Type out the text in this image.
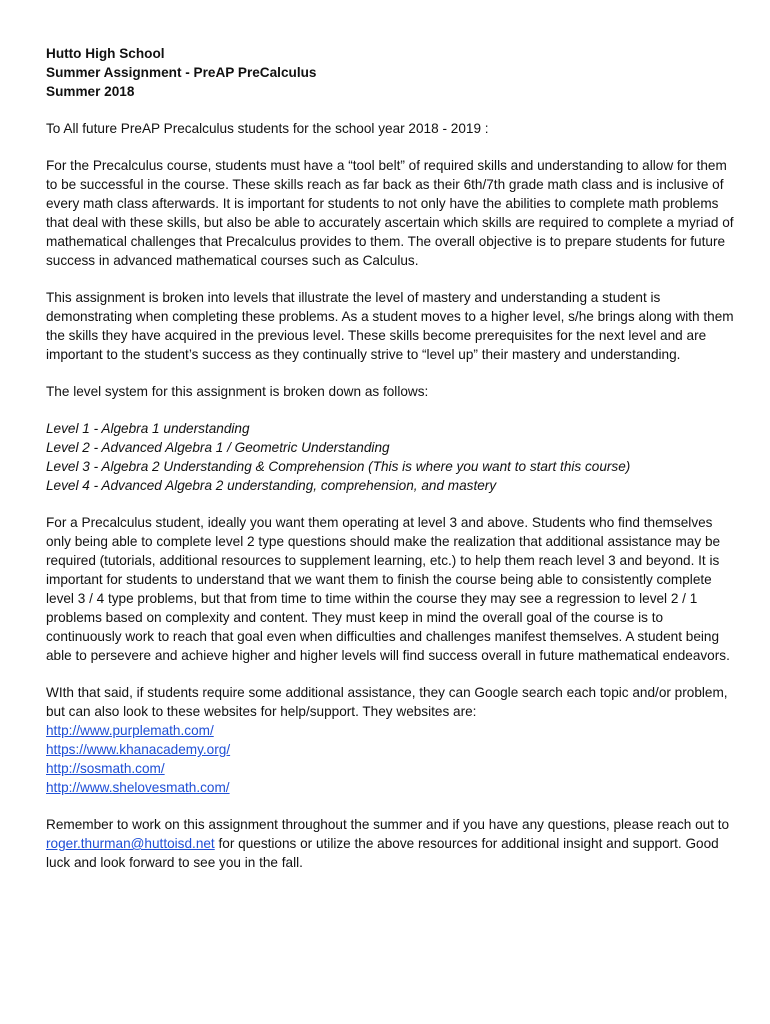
Hutto High School
Summer Assignment - PreAP PreCalculus
Summer 2018

To All future PreAP Precalculus students for the school year 2018 - 2019 :

For the Precalculus course, students must have a “tool belt” of required skills and understanding to allow for them to be successful in the course. These skills reach as far back as their 6th/7th grade math class and is inclusive of every math class afterwards. It is important for students to not only have the abilities to complete math problems that deal with these skills, but also be able to accurately ascertain which skills are required to complete a myriad of mathematical challenges that Precalculus provides to them. The overall objective is to prepare students for future success in advanced mathematical courses such as Calculus.

This assignment is broken into levels that illustrate the level of mastery and understanding a student is demonstrating when completing these problems. As a student moves to a higher level, s/he brings along with them the skills they have acquired in the previous level. These skills become prerequisites for the next level and are important to the student’s success as they continually strive to “level up” their mastery and understanding.

The level system for this assignment is broken down as follows:

Level 1 - Algebra 1 understanding
Level 2 - Advanced Algebra 1 / Geometric Understanding
Level 3 - Algebra 2 Understanding & Comprehension (This is where you want to start this course)
Level 4 - Advanced Algebra 2 understanding, comprehension, and mastery

For a Precalculus student, ideally you want them operating at level 3 and above. Students who find themselves only being able to complete level 2 type questions should make the realization that additional assistance may be required (tutorials, additional resources to supplement learning, etc.) to help them reach level 3 and beyond. It is important for students to understand that we want them to finish the course being able to consistently complete level 3 / 4 type problems, but that from time to time within the course they may see a regression to level 2 / 1 problems based on complexity and content. They must keep in mind the overall goal of the course is to continuously work to reach that goal even when difficulties and challenges manifest themselves. A student being able to persevere and achieve higher and higher levels will find success overall in future mathematical endeavors.

WIth that said, if students require some additional assistance, they can Google search each topic and/or problem, but can also look to these websites for help/support. They websites are:

http://www.purplemath.com/
https://www.khanacademy.org/
http://sosmath.com/
http://www.shelovesmath.com/

Remember to work on this assignment throughout the summer and if you have any questions, please reach out to roger.thurman@huttoisd.net for questions or utilize the above resources for additional insight and support. Good luck and look forward to see you in the fall.
